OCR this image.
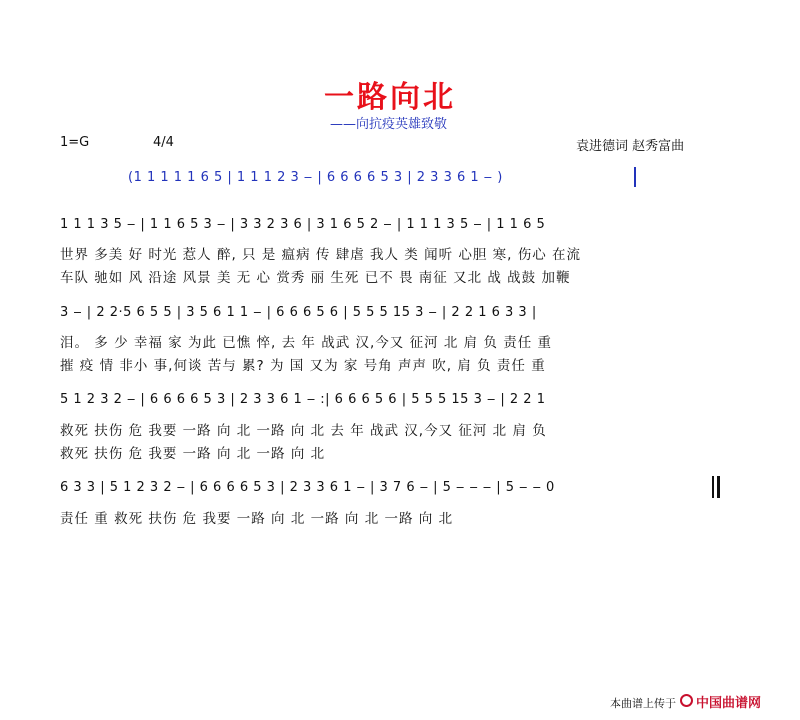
一路向北
——向抗疫英雄致敬
1=G	4/4	袁进德词 赵秀富曲
(1 1 1 1 1 6 5 | 1 1 1 2 3 ‒ | 6 6 6 6 5 3 | 2 3 3 6 1 ‒ )
1 1 1 3 5 ‒ | 1 1 6 5 3 ‒ | 3 3 2 3 6 | 3 1 6 5 2 ‒ | 1 1 1 3 5 ‒ | 1 1 6 5
世界 多美 好 时光 惹人 醉, 只 是 瘟病 传 肆虐 我人 类 闻听 心胆 寒, 伤心 在流
车队 驰如 风 沿途 风景 美 无 心 赏秀 丽 生死 已不 畏 南征 又北 战 战鼓 加鞭
3 ‒ | 2 2·5 6 5 5 | 3 5 6 1 1 ‒ | 6 6 6 5 6 | 5 5 5 15 3 ‒ | 2 2 1 6 3 3 |
泪。 多 少 幸福 家 为此 已憔 悴, 去 年 战武 汉,今又 征河 北 肩 负 责任 重
摧 疫 情 非小 事,何谈 苦与 累? 为 国 又为 家 号角 声声 吹, 肩 负 责任 重
5 1 2 3 2 ‒ | 6 6 6 6 5 3 | 2 3 3 6 1 ‒ :| 6 6 6 5 6 | 5 5 5 15 3 ‒ | 2 2 1
救死 扶伤 危 我要 一路 向 北 一路 向 北 去 年 战武 汉,今又 征河 北 肩 负
救死 扶伤 危 我要 一路 向 北 一路 向 北
6 3 3 | 5 1 2 3 2 ‒ | 6 6 6 6 5 3 | 2 3 3 6 1 ‒ | 3 7 6 ‒ | 5 ‒ ‒ ‒ | 5 ‒ ‒ 0
责任 重 救死 扶伤 危 我要 一路 向 北 一路 向 北 一路 向 北
本曲谱上传于 中国曲谱网
